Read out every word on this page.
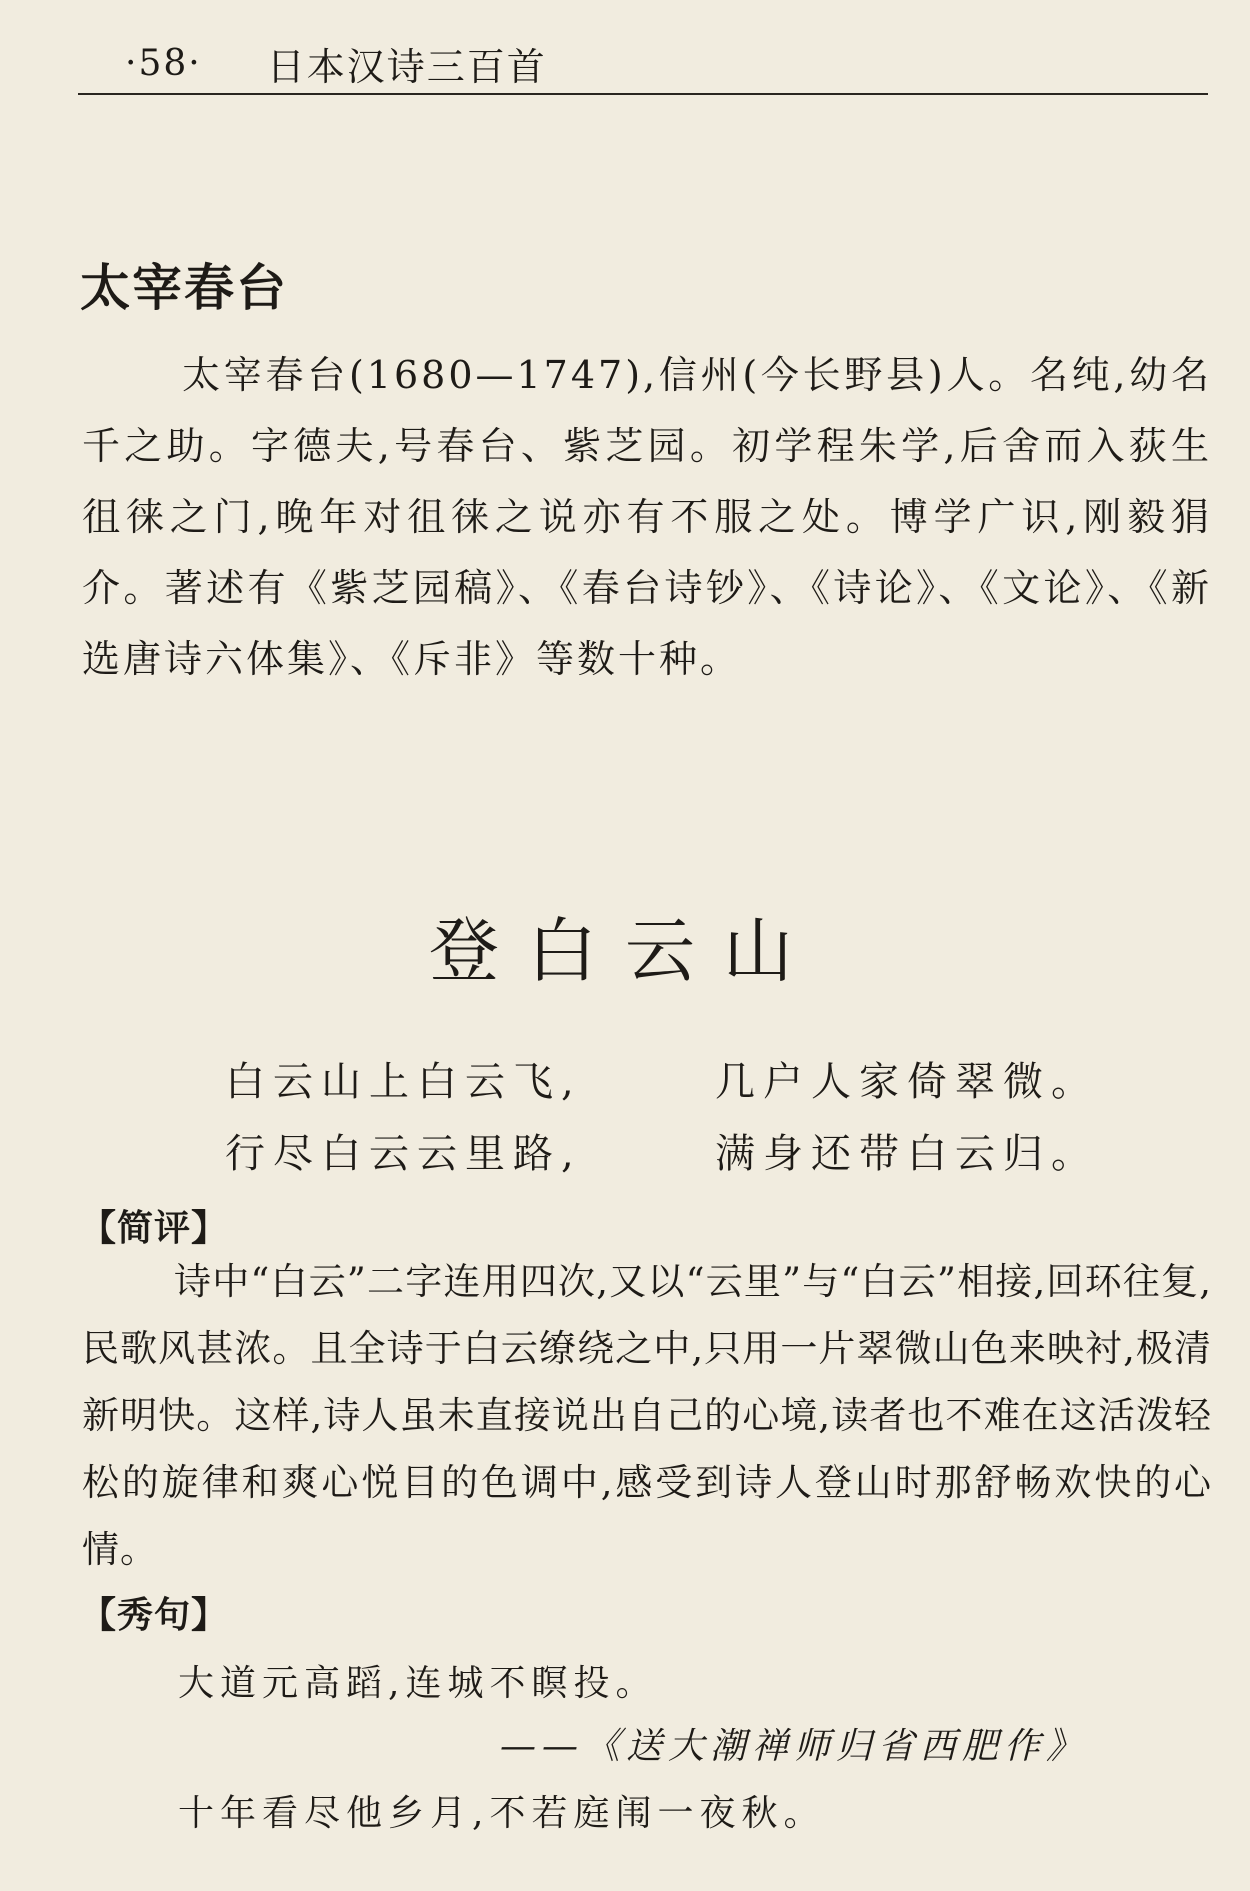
·58· 日本汉诗三百首
太宰春台
太宰春台(1680—1747),信州(今长野县)人。名纯,幼名千之助。字德夫,号春台、紫芝园。初学程朱学,后舍而入荻生徂徕之门,晚年对徂徕之说亦有不服之处。博学广识,刚毅狷介。著述有《紫芝园稿》、《春台诗钞》、《诗论》、《文论》、《新选唐诗六体集》、《斥非》等数十种。
登白云山
白云山上白云飞,	几户人家倚翠微。
行尽白云云里路,	满身还带白云归。
【简评】
诗中“白云”二字连用四次,又以“云里”与“白云”相接,回环往复,民歌风甚浓。且全诗于白云缭绕之中,只用一片翠微山色来映衬,极清新明快。这样,诗人虽未直接说出自己的心境,读者也不难在这活泼轻松的旋律和爽心悦目的色调中,感受到诗人登山时那舒畅欢快的心情。
【秀句】
大道元高蹈,连城不瞑投。
——《送大潮禅师归省西肥作》
十年看尽他乡月,不若庭闱一夜秋。
